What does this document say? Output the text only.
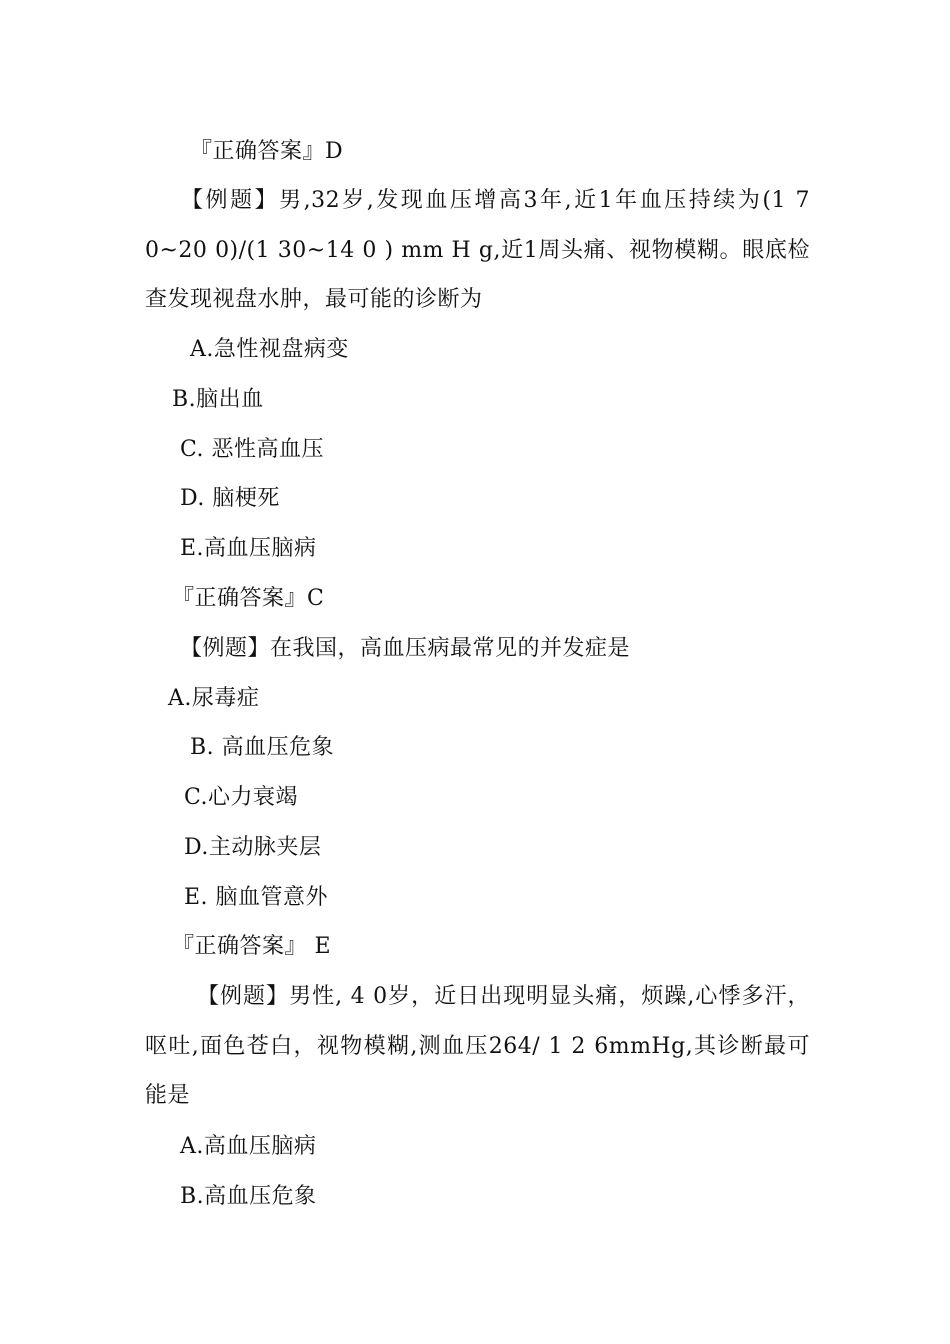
『正确答案』D
【例题】男,32岁,发现血压增高3年,近1年血压持续为(1 7 0~20 0)/(1 30~14 0 ) mm H g,近1周头痛、视物模糊。眼底检查发现视盘水肿，最可能的诊断为
A.急性视盘病变
B.脑出血
C. 恶性高血压
D. 脑梗死
E.高血压脑病
『正确答案』C
【例题】在我国，高血压病最常见的并发症是
A.尿毒症
B. 高血压危象
C.心力衰竭
D.主动脉夹层
E. 脑血管意外
『正确答案』 E
【例题】男性, 4 0岁，近日出现明显头痛，烦躁,心悸多汗，呕吐,面色苍白，视物模糊,测血压264/ 1 2 6mmHg,其诊断最可能是
A.高血压脑病
B.高血压危象
